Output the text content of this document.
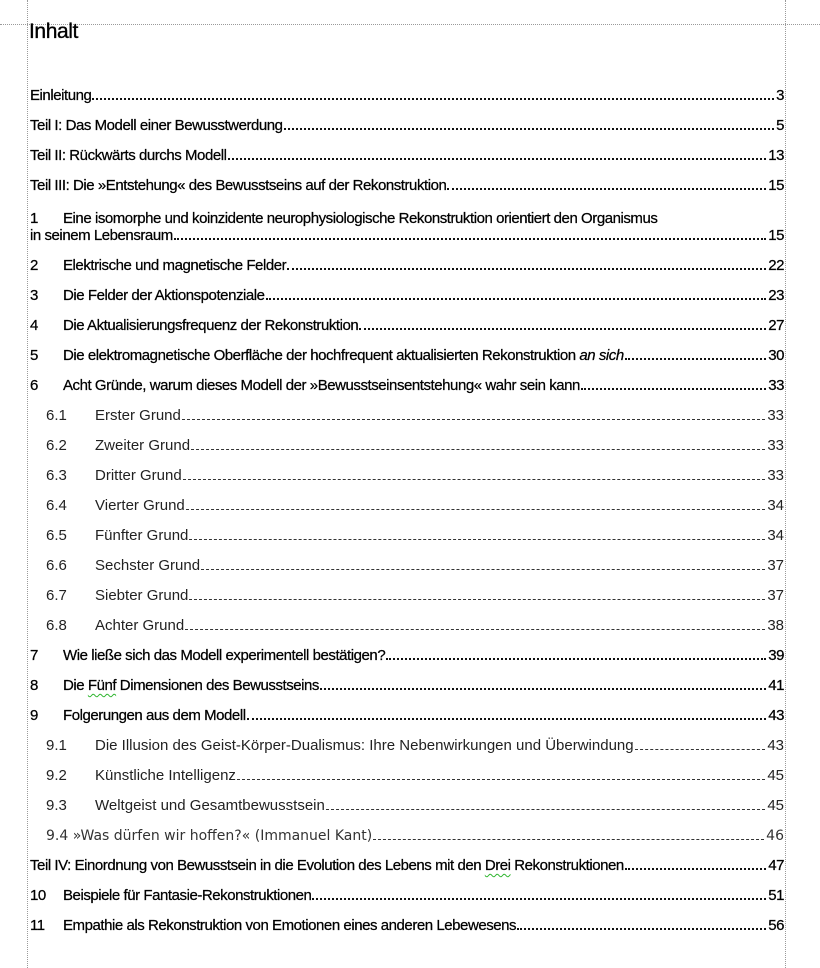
Inhalt
Einleitung	3
Teil I: Das Modell einer Bewusstwerdung	5
Teil II: Rückwärts durchs Modell	13
Teil III: Die »Entstehung« des Bewusstseins auf der Rekonstruktion	15
1	Eine isomorphe und koinzidente neurophysiologische Rekonstruktion orientiert den Organismus
in seinem Lebensraum	15
2	Elektrische und magnetische Felder	22
3	Die Felder der Aktionspotenziale	23
4	Die Aktualisierungsfrequenz der Rekonstruktion	27
5	Die elektromagnetische Oberfläche der hochfrequent aktualisierten Rekonstruktion an sich	30
6	Acht Gründe, warum dieses Modell der »Bewusstseinsentstehung« wahr sein kann	33
6.1	Erster Grund	33
6.2	Zweiter Grund	33
6.3	Dritter Grund	33
6.4	Vierter Grund	34
6.5	Fünfter Grund	34
6.6	Sechster Grund	37
6.7	Siebter Grund	37
6.8	Achter Grund	38
7	Wie ließe sich das Modell experimentell bestätigen?	39
8	Die Fünf Dimensionen des Bewusstseins	41
9	Folgerungen aus dem Modell	43
9.1	Die Illusion des Geist-Körper-Dualismus: Ihre Nebenwirkungen und Überwindung	43
9.2	Künstliche Intelligenz	45
9.3	Weltgeist und Gesamtbewusstsein	45
9.4 »Was dürfen wir hoffen?« (Immanuel Kant)	46
Teil IV: Einordnung von Bewusstsein in die Evolution des Lebens mit den Drei Rekonstruktionen	47
10	Beispiele für Fantasie-Rekonstruktionen	51
11	Empathie als Rekonstruktion von Emotionen eines anderen Lebewesens	56
